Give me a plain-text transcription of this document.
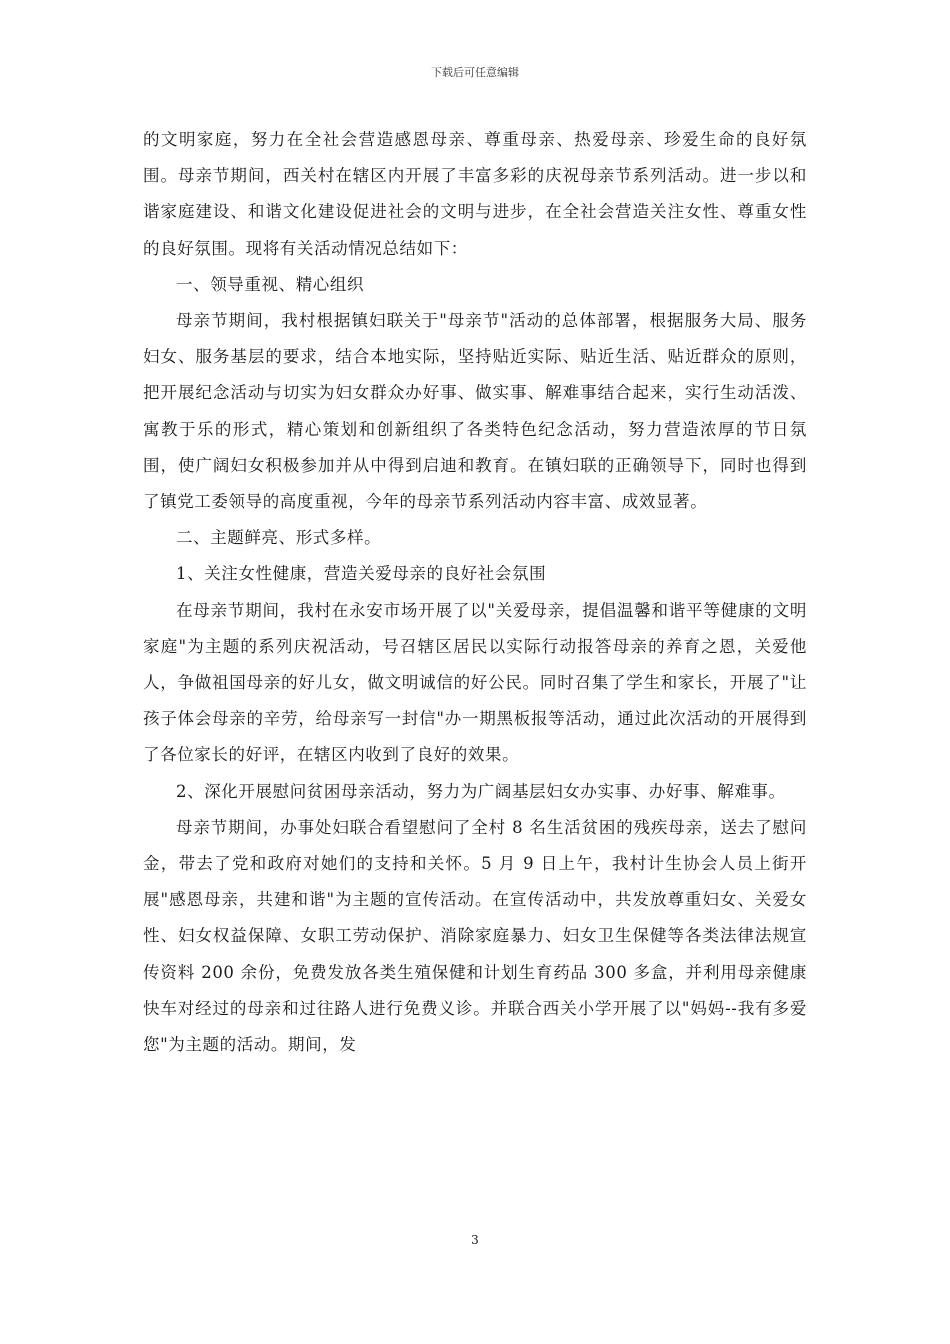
下载后可任意编辑

的文明家庭，努力在全社会营造感恩母亲、尊重母亲、热爱母亲、珍爱生命的良好氛围。母亲节期间，西关村在辖区内开展了丰富多彩的庆祝母亲节系列活动。进一步以和谐家庭建设、和谐文化建设促进社会的文明与进步，在全社会营造关注女性、尊重女性的良好氛围。现将有关活动情况总结如下：

一、领导重视、精心组织

母亲节期间，我村根据镇妇联关于"母亲节"活动的总体部署，根据服务大局、服务妇女、服务基层的要求，结合本地实际，坚持贴近实际、贴近生活、贴近群众的原则，把开展纪念活动与切实为妇女群众办好事、做实事、解难事结合起来，实行生动活泼、寓教于乐的形式，精心策划和创新组织了各类特色纪念活动，努力营造浓厚的节日氛围，使广阔妇女积极参加并从中得到启迪和教育。在镇妇联的正确领导下，同时也得到了镇党工委领导的高度重视，今年的母亲节系列活动内容丰富、成效显著。

二、主题鲜亮、形式多样。

1、关注女性健康，营造关爱母亲的良好社会氛围

在母亲节期间，我村在永安市场开展了以"关爱母亲，提倡温馨和谐平等健康的文明家庭"为主题的系列庆祝活动，号召辖区居民以实际行动报答母亲的养育之恩，关爱他人，争做祖国母亲的好儿女，做文明诚信的好公民。同时召集了学生和家长，开展了"让孩子体会母亲的辛劳，给母亲写一封信"办一期黑板报等活动，通过此次活动的开展得到了各位家长的好评，在辖区内收到了良好的效果。

2、深化开展慰问贫困母亲活动，努力为广阔基层妇女办实事、办好事、解难事。

母亲节期间，办事处妇联合看望慰问了全村 8 名生活贫困的残疾母亲，送去了慰问金，带去了党和政府对她们的支持和关怀。5 月 9 日上午，我村计生协会人员上街开展"感恩母亲，共建和谐"为主题的宣传活动。在宣传活动中，共发放尊重妇女、关爱女性、妇女权益保障、女职工劳动保护、消除家庭暴力、妇女卫生保健等各类法律法规宣传资料 200 余份，免费发放各类生殖保健和计划生育药品 300 多盒，并利用母亲健康快车对经过的母亲和过往路人进行免费义诊。并联合西关小学开展了以"妈妈--我有多爱您"为主题的活动。期间，发

3
